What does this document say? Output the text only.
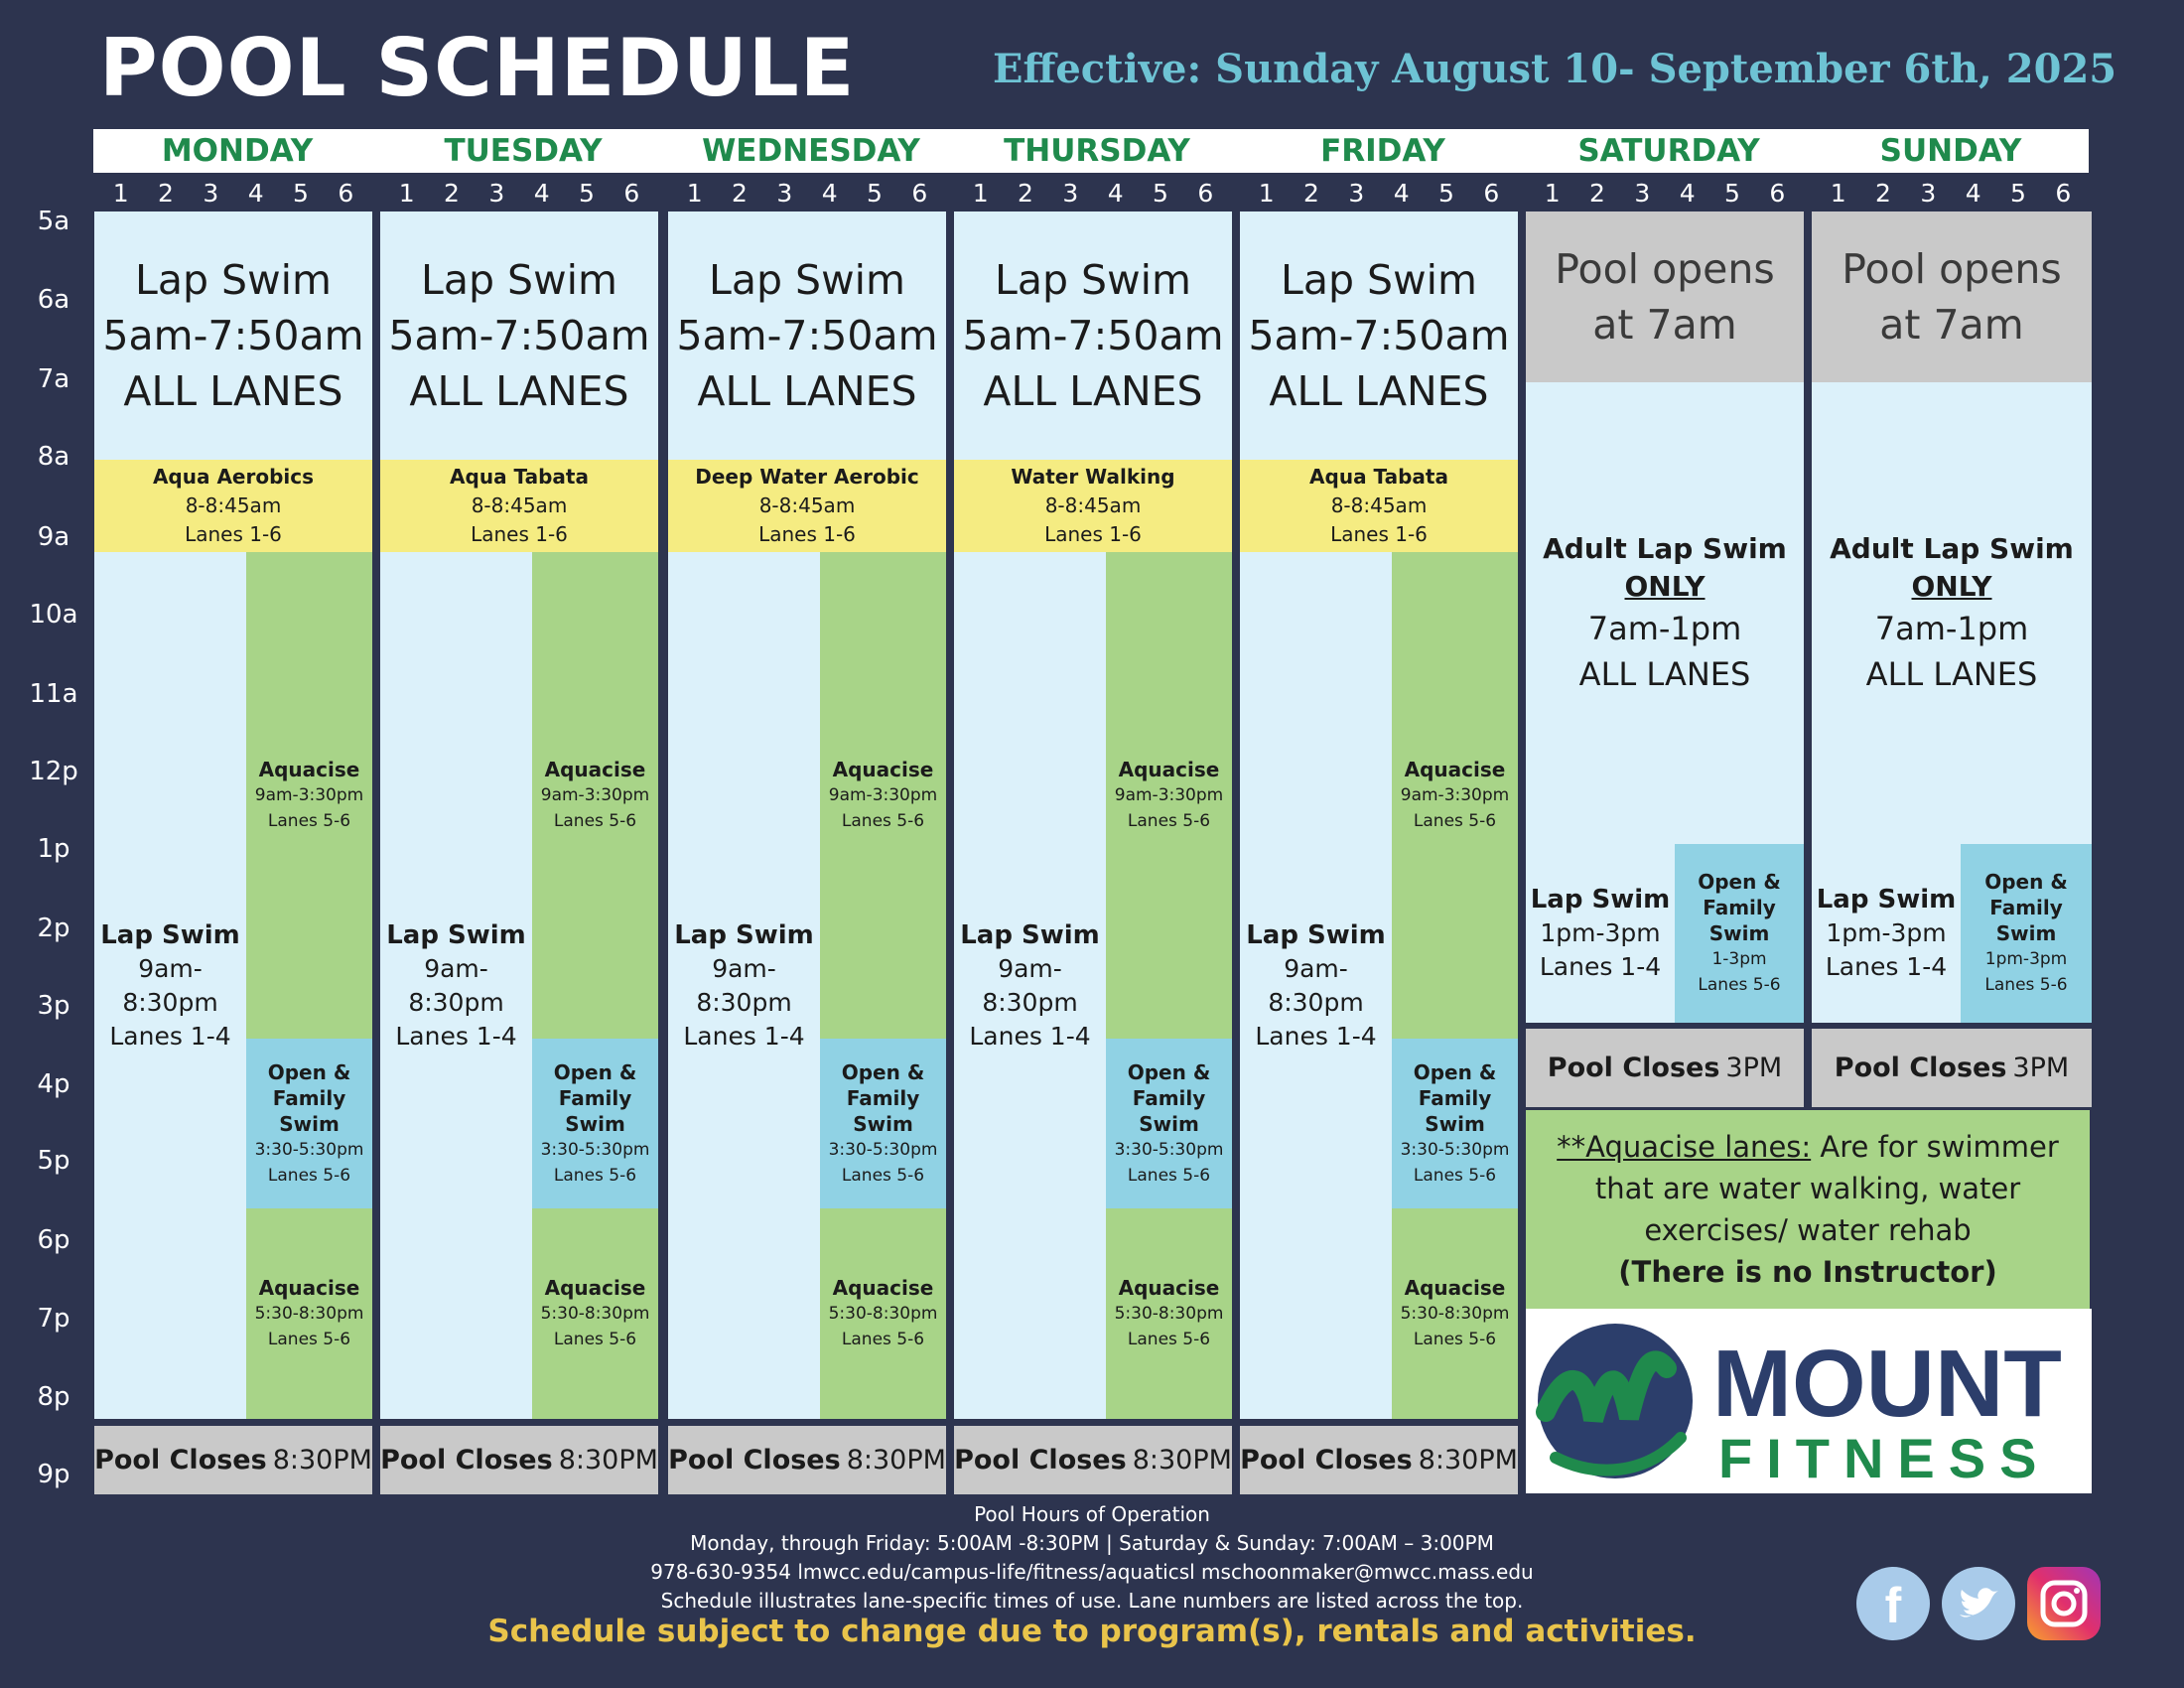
POOL SCHEDULE	Effective: Sunday August 10- September 6th, 2025
5a
6a
7a
8a
9a
10a
11a
12p
1p
2p
3p
4p
5p
6p
7p
8p
9p
Lap Swim
5am-7:50am
ALL LANES
Aqua Aerobics
8-8:45am
Lanes 1-6
Lap Swim
9am-8:30pm
Lanes 1-4
Aquacise
9am-3:30pm
Lanes 5-6
Open &
Family Swim
3:30-5:30pm
Lanes 5-6
Aquacise
5:30-8:30pm
Lanes 5-6
Pool Closes 8:30PM
Lap Swim
5am-7:50am
ALL LANES
Aqua Tabata
8-8:45am
Lanes 1-6
Lap Swim
9am-8:30pm
Lanes 1-4
Aquacise
9am-3:30pm
Lanes 5-6
Open &
Family Swim
3:30-5:30pm
Lanes 5-6
Aquacise
5:30-8:30pm
Lanes 5-6
Pool Closes 8:30PM
Lap Swim
5am-7:50am
ALL LANES
Deep Water Aerobic
8-8:45am
Lanes 1-6
Lap Swim
9am-8:30pm
Lanes 1-4
Aquacise
9am-3:30pm
Lanes 5-6
Open &
Family Swim
3:30-5:30pm
Lanes 5-6
Aquacise
5:30-8:30pm
Lanes 5-6
Pool Closes 8:30PM
Lap Swim
5am-7:50am
ALL LANES
Water Walking
8-8:45am
Lanes 1-6
Lap Swim
9am-8:30pm
Lanes 1-4
Aquacise
9am-3:30pm
Lanes 5-6
Open &
Family Swim
3:30-5:30pm
Lanes 5-6
Aquacise
5:30-8:30pm
Lanes 5-6
Pool Closes 8:30PM
Lap Swim
5am-7:50am
ALL LANES
Aqua Tabata
8-8:45am
Lanes 1-6
Lap Swim
9am-8:30pm
Lanes 1-4
Aquacise
9am-3:30pm
Lanes 5-6
Open &
Family Swim
3:30-5:30pm
Lanes 5-6
Aquacise
5:30-8:30pm
Lanes 5-6
Pool Closes 8:30PM
Pool opens
at 7am
Adult Lap Swim
ONLY
7am-1pm
ALL LANES
Lap Swim
1pm-3pm
Lanes 1-4
Open &
Family Swim
1-3pm
Lanes 5-6
Pool Closes 3PM
Pool opens
at 7am
Adult Lap Swim
ONLY
7am-1pm
ALL LANES
Lap Swim
1pm-3pm
Lanes 1-4
Open &
Family Swim
1pm-3pm
Lanes 5-6
Pool Closes 3PM
**Aquacise lanes: Are for swimmer
that are water walking, water
exercises/ water rehab
(There is no Instructor)
MOUNT
FITNESS
Pool Hours of Operation
Monday, through Friday: 5:00AM -8:30PM | Saturday & Sunday: 7:00AM – 3:00PM
978-630-9354 lmwcc.edu/campus-life/fitness/aquaticsl mschoonmaker@mwcc.mass.edu
Schedule illustrates lane-specific times of use. Lane numbers are listed across the top.
Schedule subject to change due to program(s), rentals and activities.	f
MONDAY
1 2 3 4 5 6
TUESDAY
1 2 3 4 5 6
WEDNESDAY
1 2 3 4 5 6
THURSDAY
1 2 3 4 5 6
FRIDAY
1 2 3 4 5 6
SATURDAY
1 2 3 4 5 6
SUNDAY
1 2 3 4 5 6
